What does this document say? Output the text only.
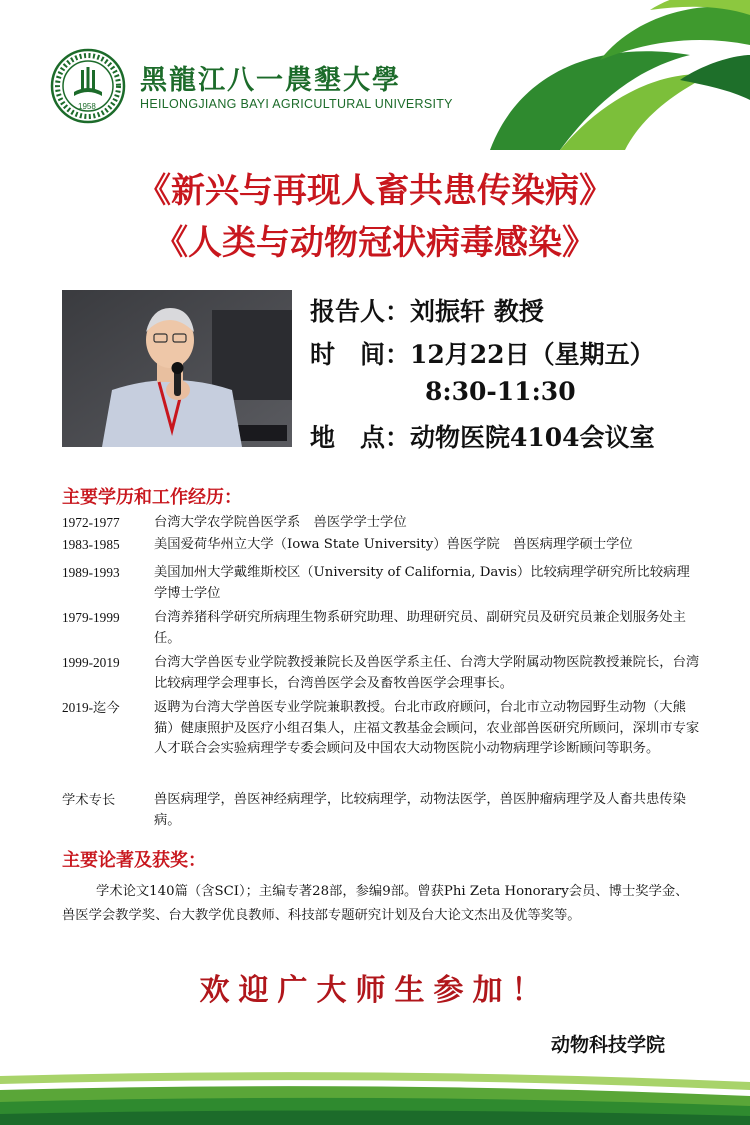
1958
黑龍江八一農墾大學
HEILONGJIANG BAYI AGRICULTURAL UNIVERSITY
《新兴与再现人畜共患传染病》
《人类与动物冠状病毒感染》
报告人：刘振轩 教授
时　间：12月22日（星期五）
8:30-11:30
地　点：动物医院4104会议室
主要学历和工作经历：
1972-1977	台湾大学农学院兽医学系　兽医学学士学位
1983-1985	美国爱荷华州立大学（Iowa State University）兽医学院　兽医病理学硕士学位
1989-1993	美国加州大学戴维斯校区（University of California, Davis）比较病理学研究所比较病理学博士学位
1979-1999	台湾养猪科学研究所病理生物系研究助理、助理研究员、副研究员及研究员兼企划服务处主任。
1999-2019	台湾大学兽医专业学院教授兼院长及兽医学系主任、台湾大学附属动物医院教授兼院长，台湾比较病理学会理事长，台湾兽医学会及畜牧兽医学会理事长。
2019-迄今	返聘为台湾大学兽医专业学院兼职教授。台北市政府顾问，台北市立动物园野生动物（大熊猫）健康照护及医疗小组召集人，庄福文教基金会顾问，农业部兽医研究所顾问，深圳市专家人才联合会实验病理学专委会顾问及中国农大动物医院小动物病理学诊断顾问等职务。
学术专长	兽医病理学，兽医神经病理学，比较病理学，动物法医学，兽医肿瘤病理学及人畜共患传染病。
主要论著及获奖：
学术论文140篇（含SCI）；主编专著28部，参编9部。曾获Phi Zeta Honorary会员、博士奖学金、兽医学会教学奖、台大教学优良教师、科技部专题研究计划及台大论文杰出及优等奖等。
欢迎广大师生参加！
动物科技学院
